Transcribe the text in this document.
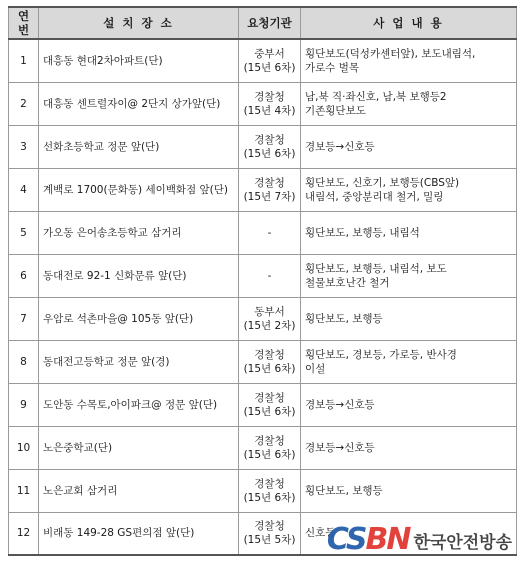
연번	설 치 장 소	요청기관	사 업 내 용
1	대흥동 현대2차아파트(단)	중부서
(15년 6차)	횡단보도(덕성카센터앞), 보도내림석,
가로수 벌목

2	대흥동 센트럴자이@ 2단지 상가앞(단)	경찰청
(15년 4차)	남,북 직·좌신호, 남,북 보행등2
기존횡단보도

3	선화초등학교 정문 앞(단)	경찰청
(15년 6차)	경보등→신호등

4	계백로 1700(문화동) 세이백화점 앞(단)	경찰청
(15년 7차)	횡단보도, 신호기, 보행등(CBS앞)
내림석, 중앙분리대 철거, 밀링

5	가오동 은어송초등학교 삼거리	-	횡단보도, 보행등, 내림석

6	동대전로 92-1 신화문류 앞(단)	-	횡단보도, 보행등, 내림석, 보도
철물보호난간 철거

7	우암로 석촌마을@ 105동 앞(단)	동부서
(15년 2차)	횡단보도, 보행등

8	동대전고등학교 정문 앞(경)	경찰청
(15년 6차)	횡단보도, 경보등, 가로등, 반사경
이설

9	도안동 수목토,아이파크@ 정문 앞(단)	경찰청
(15년 6차)	경보등→신호등

10	노은중학교(단)	경찰청
(15년 6차)	경보등→신호등

11	노은교회 삼거리	경찰청
(15년 6차)	횡단보도, 보행등

12	비래동 149-28 GS편의점 앞(단)	경찰청
(15년 5차)	신호등
CSBN 한국안전방송
